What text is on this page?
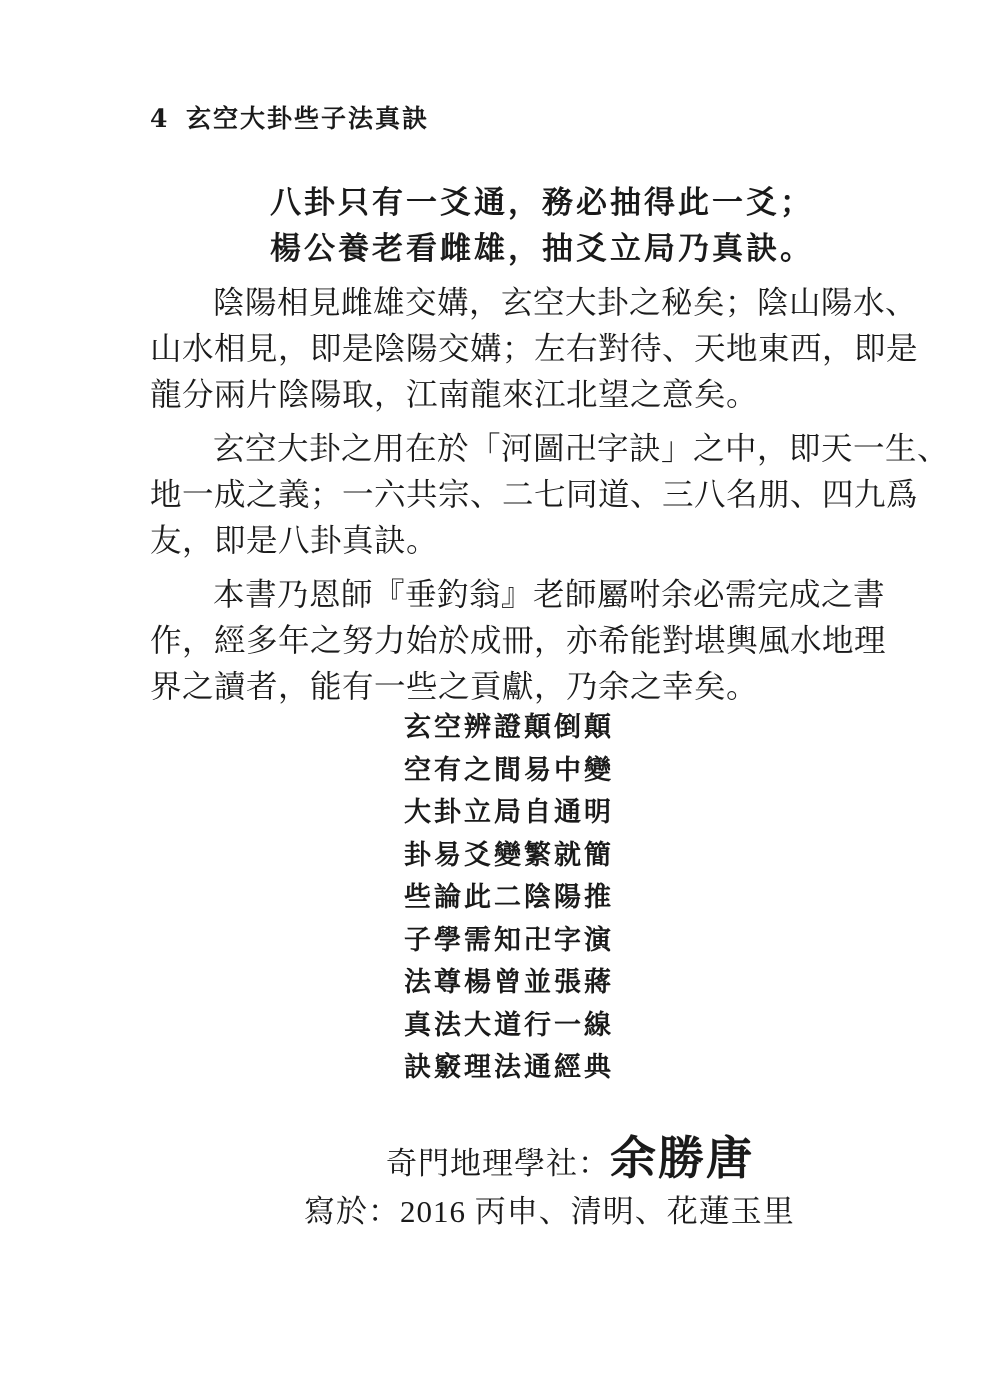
4 玄空大卦些子法真訣
八卦只有一爻通，務必抽得此一爻；
楊公養老看雌雄，抽爻立局乃真訣。
陰陽相見雌雄交媾，玄空大卦之秘矣；陰山陽水、
山水相見，即是陰陽交媾；左右對待、天地東西，即是
龍分兩片陰陽取，江南龍來江北望之意矣。
玄空大卦之用在於「河圖卍字訣」之中，即天一生、
地一成之義；一六共宗、二七同道、三八名朋、四九爲
友，即是八卦真訣。
本書乃恩師『垂釣翁』老師屬咐余必需完成之書
作，經多年之努力始於成冊，亦希能對堪輿風水地理
界之讀者，能有一些之貢獻，乃余之幸矣。
玄空辨證顛倒顛
空有之間易中變
大卦立局自通明
卦易爻變繁就簡
些論此二陰陽推
子學需知卍字演
法尊楊曾並張蔣
真法大道行一線
訣竅理法通經典
奇門地理學社：余勝唐
寫於：2016 丙申、清明、花蓮玉里
